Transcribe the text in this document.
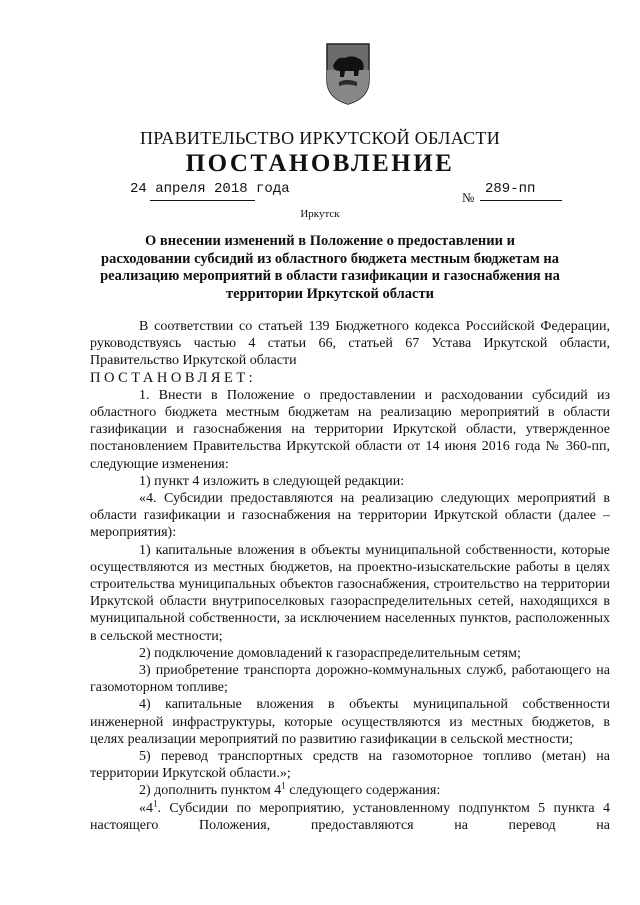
ПРАВИТЕЛЬСТВО ИРКУТСКОЙ ОБЛАСТИ
ПОСТАНОВЛЕНИЕ
24 апреля 2018 года
№
289-пп
Иркутск
О внесении изменений в Положение о предоставлении и расходовании субсидий из областного бюджета местным бюджетам на реализацию мероприятий в области газификации и газоснабжения на территории Иркутской области

В соответствии со статьей 139 Бюджетного кодекса Российской Федерации, руководствуясь частью 4 статьи 66, статьей 67 Устава Иркутской области, Правительство Иркутской области

ПОСТАНОВЛЯЕТ:

1. Внести в Положение о предоставлении и расходовании субсидий из областного бюджета местным бюджетам на реализацию мероприятий в области газификации и газоснабжения на территории Иркутской области, утвержденное постановлением Правительства Иркутской области от 14 июня 2016 года № 360-пп, следующие изменения:

1) пункт 4 изложить в следующей редакции:

«4. Субсидии предоставляются на реализацию следующих мероприятий в области газификации и газоснабжения на территории Иркутской области (далее – мероприятия):

1) капитальные вложения в объекты муниципальной собственности, которые осуществляются из местных бюджетов, на проектно-изыскательские работы в целях строительства муниципальных объектов газоснабжения, строительство на территории Иркутской области внутрипоселковых газораспределительных сетей, находящихся в муниципальной собственности, за исключением населенных пунктов, расположенных в сельской местности;

2) подключение домовладений к газораспределительным сетям;

3) приобретение транспорта дорожно-коммунальных служб, работающего на газомоторном топливе;

4) капитальные вложения в объекты муниципальной собственности инженерной инфраструктуры, которые осуществляются из местных бюджетов, в целях реализации мероприятий по развитию газификации в сельской местности;

5) перевод транспортных средств на газомоторное топливо (метан) на территории Иркутской области.»;

2) дополнить пунктом $4^1$ следующего содержания:

«$4^1$. Субсидии по мероприятию, установленному подпунктом 5 пункта 4 настоящего Положения, предоставляются на перевод на
